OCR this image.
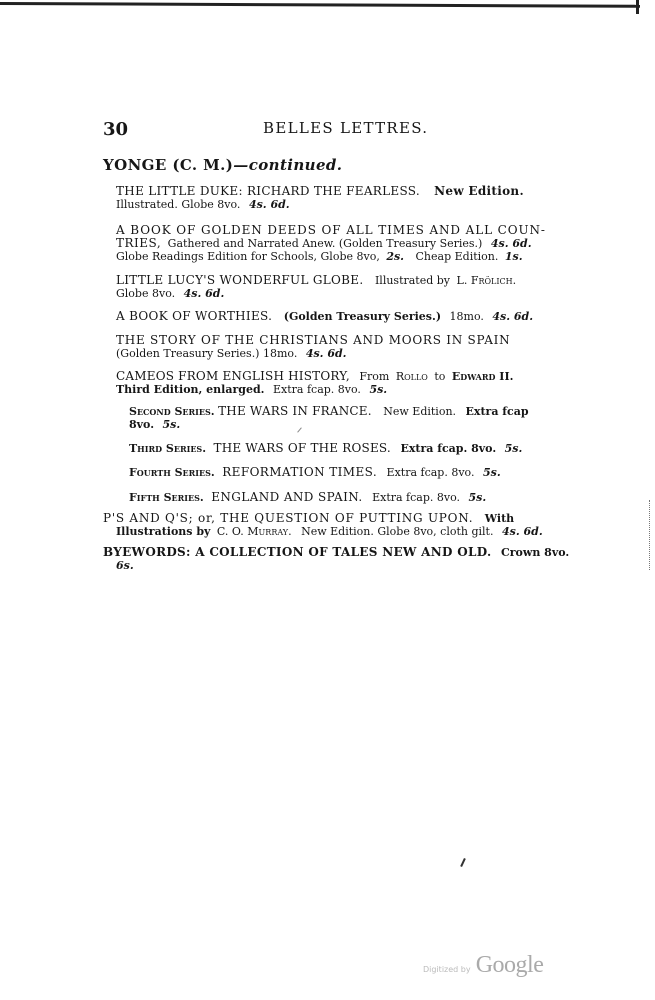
30	BELLES LETTRES.
YONGE (C. M.)—continued.
THE LITTLE DUKE: RICHARD THE FEARLESS. New Edition.
Illustrated. Globe 8vo. 4s. 6d.
A BOOK OF GOLDEN DEEDS OF ALL TIMES AND ALL COUN-
TRIES, Gathered and Narrated Anew. (Golden Treasury Series.) 4s. 6d.
Globe Readings Edition for Schools, Globe 8vo, 2s. Cheap Edition. 1s.
LITTLE LUCY'S WONDERFUL GLOBE. Illustrated by L. Frölich.
Globe 8vo. 4s. 6d.
A BOOK OF WORTHIES. (Golden Treasury Series.) 18mo. 4s. 6d.
THE STORY OF THE CHRISTIANS AND MOORS IN SPAIN
(Golden Treasury Series.) 18mo. 4s. 6d.
CAMEOS FROM ENGLISH HISTORY, From Rollo to Edward II.
Third Edition, enlarged. Extra fcap. 8vo. 5s.
Second Series. THE WARS IN FRANCE. New Edition. Extra fcap
8vo. 5s.
Third Series. THE WARS OF THE ROSES. Extra fcap. 8vo. 5s.
Fourth Series. REFORMATION TIMES. Extra fcap. 8vo. 5s.
Fifth Series. ENGLAND AND SPAIN. Extra fcap. 8vo. 5s.
P'S AND Q'S; or, THE QUESTION OF PUTTING UPON. With
Illustrations by C. O. Murray. New Edition. Globe 8vo, cloth gilt. 4s. 6d.
BYEWORDS: A COLLECTION OF TALES NEW AND OLD. Crown 8vo.
6s.
Digitized by Google
